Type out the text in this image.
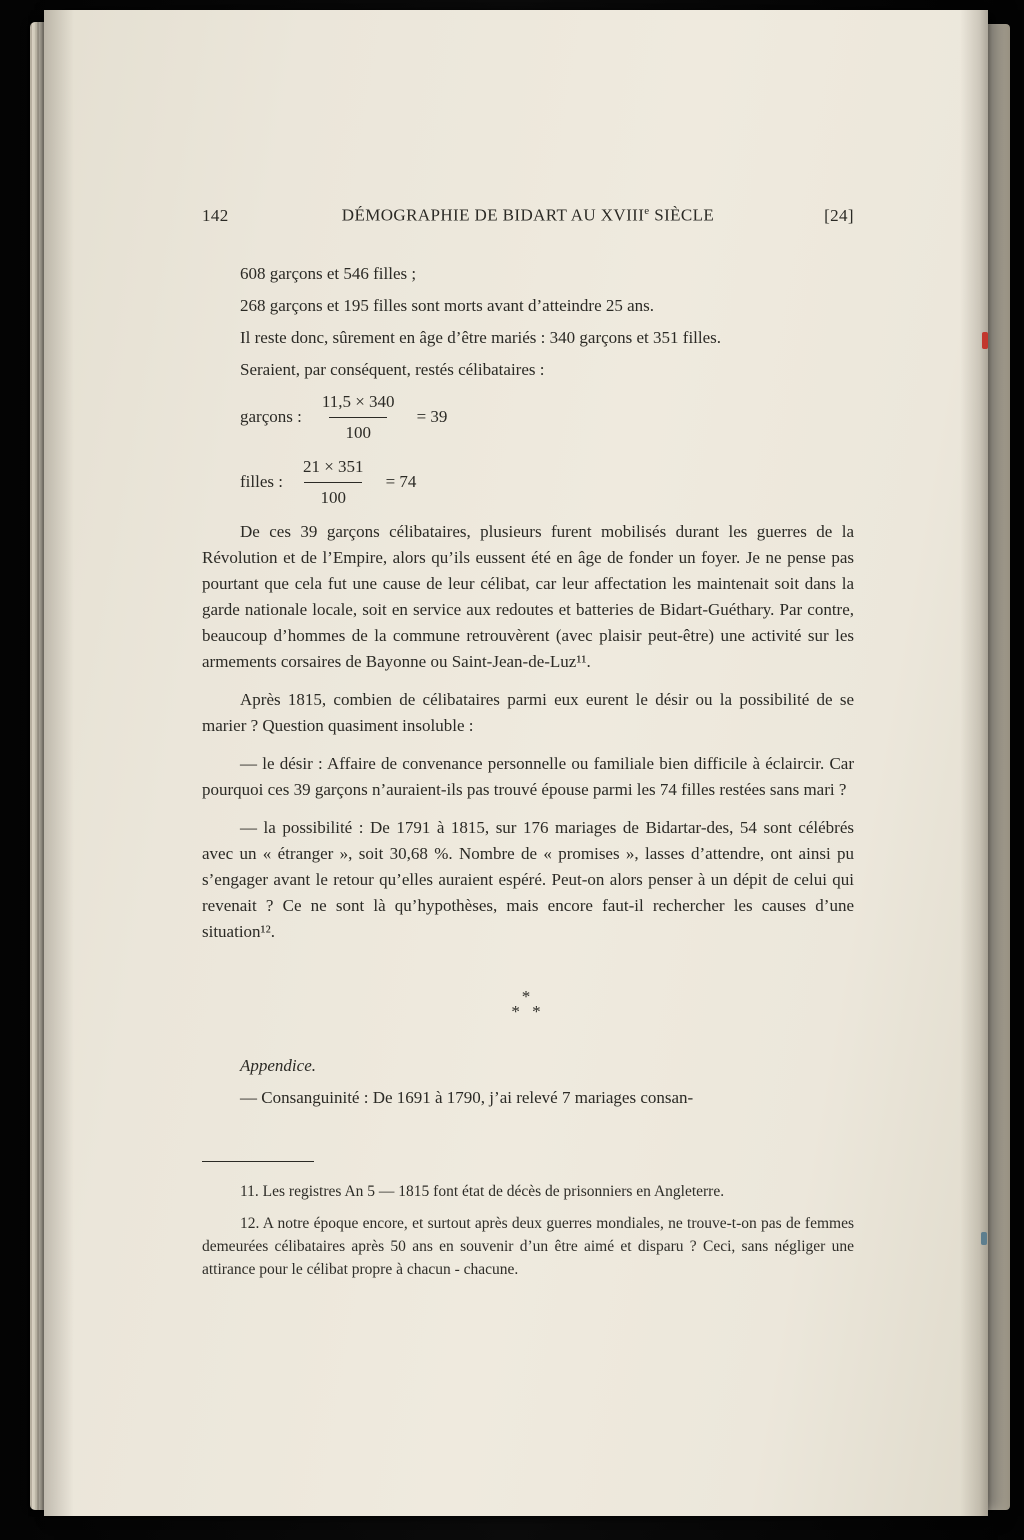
142	DÉMOGRAPHIE DE BIDART AU XVIIIe SIÈCLE	[24]

608 garçons et 546 filles ;

268 garçons et 195 filles sont morts avant d’atteindre 25 ans.

Il reste donc, sûrement en âge d’être mariés : 340 garçons et 351 filles.

Seraient, par conséquent, restés célibataires :

garçons : $\frac{11,5 \times 340}{100} = 39$
filles : $\frac{21 \times 351}{100} = 74$

De ces 39 garçons célibataires, plusieurs furent mobilisés durant les guerres de la Révolution et de l’Empire, alors qu’ils eussent été en âge de fonder un foyer. Je ne pense pas pourtant que cela fut une cause de leur célibat, car leur affectation les maintenait soit dans la garde nationale locale, soit en service aux redoutes et batteries de Bidart-Guéthary. Par contre, beaucoup d’hommes de la commune retrouvèrent (avec plaisir peut-être) une activité sur les armements corsaires de Bayonne ou Saint-Jean-de-Luz¹¹.

Après 1815, combien de célibataires parmi eux eurent le désir ou la possibilité de se marier ? Question quasiment insoluble :

— le désir : Affaire de convenance personnelle ou familiale bien difficile à éclaircir. Car pourquoi ces 39 garçons n’auraient-ils pas trouvé épouse parmi les 74 filles restées sans mari ?

— la possibilité : De 1791 à 1815, sur 176 mariages de Bidartar-des, 54 sont célébrés avec un « étranger », soit 30,68 %. Nombre de « promises », lasses d’attendre, ont ainsi pu s’engager avant le retour qu’elles auraient espéré. Peut-on alors penser à un dépit de celui qui revenait ? Ce ne sont là qu’hypothèses, mais encore faut-il rechercher les causes d’une situation¹².

*
* *

Appendice.

— Consanguinité : De 1691 à 1790, j’ai relevé 7 mariages consan-

11. Les registres An 5 — 1815 font état de décès de prisonniers en Angleterre.

12. A notre époque encore, et surtout après deux guerres mondiales, ne trouve-t-on pas de femmes demeurées célibataires après 50 ans en souvenir d’un être aimé et disparu ? Ceci, sans négliger une attirance pour le célibat propre à chacun - chacune.
